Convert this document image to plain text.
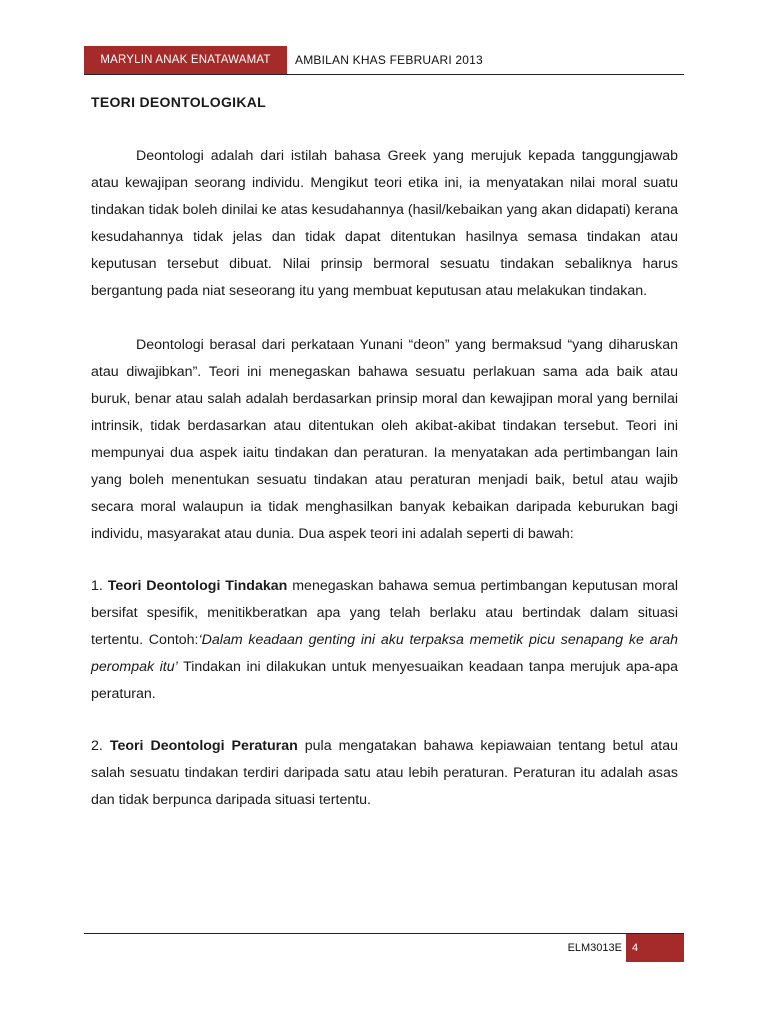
MARYLIN ANAK ENATAWAMAT	AMBILAN KHAS FEBRUARI 2013
TEORI DEONTOLOGIKAL

Deontologi adalah dari istilah bahasa Greek yang merujuk kepada tanggungjawab atau kewajipan seorang individu. Mengikut teori etika ini, ia menyatakan nilai moral suatu tindakan tidak boleh dinilai ke atas kesudahannya (hasil/kebaikan yang akan didapati) kerana kesudahannya tidak jelas dan tidak dapat ditentukan hasilnya semasa tindakan atau keputusan tersebut dibuat. Nilai prinsip bermoral sesuatu tindakan sebaliknya harus bergantung pada niat seseorang itu yang membuat keputusan atau melakukan tindakan.

Deontologi berasal dari perkataan Yunani “deon” yang bermaksud “yang diharuskan atau diwajibkan”. Teori ini menegaskan bahawa sesuatu perlakuan sama ada baik atau buruk, benar atau salah adalah berdasarkan prinsip moral dan kewajipan moral yang bernilai intrinsik, tidak berdasarkan atau ditentukan oleh akibat-akibat tindakan tersebut. Teori ini mempunyai dua aspek iaitu tindakan dan peraturan. Ia menyatakan ada pertimbangan lain yang boleh menentukan sesuatu tindakan atau peraturan menjadi baik, betul atau wajib secara moral walaupun ia tidak menghasilkan banyak kebaikan daripada keburukan bagi individu, masyarakat atau dunia. Dua aspek teori ini adalah seperti di bawah:

1. Teori Deontologi Tindakan menegaskan bahawa semua pertimbangan keputusan moral bersifat spesifik, menitikberatkan apa yang telah berlaku atau bertindak dalam situasi tertentu. Contoh:‘Dalam keadaan genting ini aku terpaksa memetik picu senapang ke arah perompak itu’ Tindakan ini dilakukan untuk menyesuaikan keadaan tanpa merujuk apa-apa peraturan.

2. Teori Deontologi Peraturan pula mengatakan bahawa kepiawaian tentang betul atau salah sesuatu tindakan terdiri daripada satu atau lebih peraturan. Peraturan itu adalah asas dan tidak berpunca daripada situasi tertentu.

ELM3013E 4
